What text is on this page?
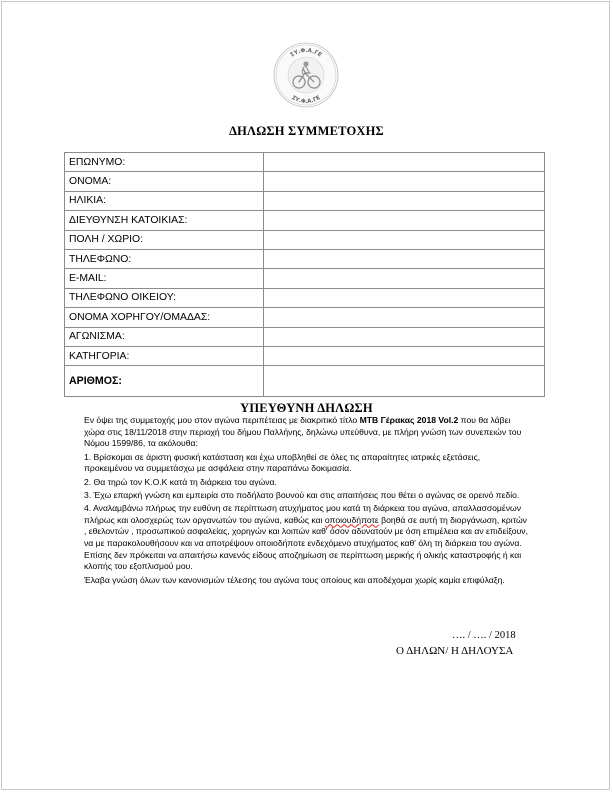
ΣΥ.Φ.Α.ΓΕ
ΣΥ.Φ.Α.ΓΕ
ΔΗΛΩΣΗ ΣΥΜΜΕΤΟΧΗΣ
ΕΠΩΝΥΜΟ:	
ΟΝΟΜΑ:	
ΗΛΙΚΙΑ:	
ΔΙΕΥΘΥΝΣΗ ΚΑΤΟΙΚΙΑΣ:	
ΠΟΛΗ / ΧΩΡΙΟ:	
ΤΗΛΕΦΩΝΟ:	
E-MAIL:	
ΤΗΛΕΦΩΝΟ ΟΙΚΕΙΟΥ:	
ΟΝΟΜΑ ΧΟΡΗΓΟΥ/ΟΜΑΔΑΣ:	
ΑΓΩΝΙΣΜΑ:	
ΚΑΤΗΓΟΡΙΑ:	
ΑΡΙΘΜΟΣ:	
ΥΠΕΥΘΥΝΗ ΔΗΛΩΣΗ

Εν όψει της συμμετοχής μου στον αγώνα περιπέτειας με διακριτικό τίτλο MTB Γέρακας 2018 Vol.2 που θα λάβει χώρα στις 18/11/2018 στην περιοχή του δήμου Παλλήνης, δηλώνω υπεύθυνα, με πλήρη γνώση των συνεπειών του Νόμου 1599/86, τα ακόλουθα:

1. Βρίσκομαι σε άριστη φυσική κατάσταση και έχω υποβληθεί σε όλες τις απαραίτητες ιατρικές εξετάσεις, προκειμένου να συμμετάσχω με ασφάλεια στην παραπάνω δοκιμασία.

2. Θα τηρώ τον Κ.Ο.Κ κατά τη διάρκεια του αγώνα.

3. Έχω επαρκή γνώση και εμπειρία στο ποδήλατο βουνού και στις απαιτήσεις που θέτει ο αγώνας σε ορεινό πεδίο.

4. Αναλαμβάνω πλήρως την ευθύνη σε περίπτωση ατυχήματος μου κατά τη διάρκεια του αγώνα, απαλλασσομένων πλήρως και ολοσχερώς των οργανωτών του αγώνα, καθώς και οποιουδήποτε βοηθά σε αυτή τη διοργάνωση, κριτών , εθελοντών , προσωπικού ασφαλείας, χορηγών και λοιπών καθ' όσον αδυνατούν με όση επιμέλεια και αν επιδείξουν, να με παρακολουθήσουν και να αποτρέψουν οποιοδήποτε ενδεχόμενο ατυχήματος καθ' όλη τη διάρκεια του αγώνα. Επίσης δεν πρόκειται να απαιτήσω κανενός είδους αποζημίωση σε περίπτωση μερικής ή ολικής καταστροφής ή και κλοπής του εξοπλισμού μου.

Έλαβα γνώση όλων των κανονισμών τέλεσης του αγώνα τους οποίους και αποδέχομαι χωρίς καμία επιφύλαξη.

…. / …. / 2018
Ο ΔΗΛΩΝ/ Η ΔΗΛΟΥΣΑ
